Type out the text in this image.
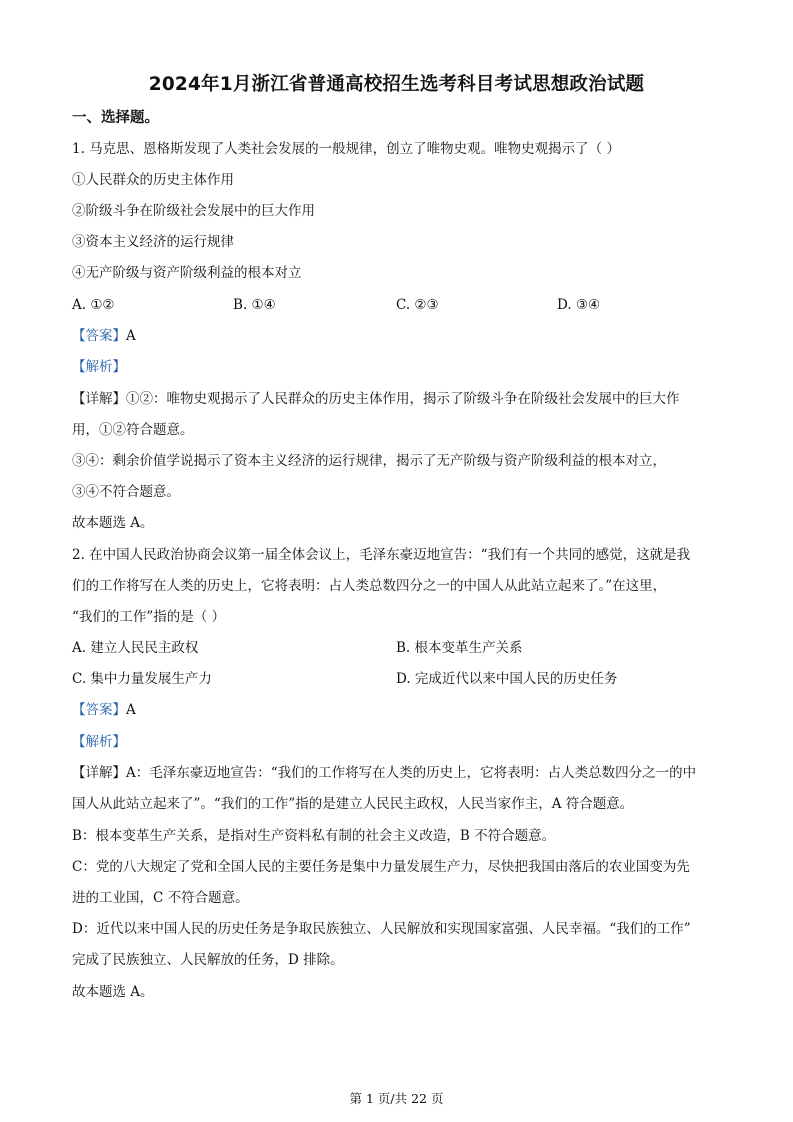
2024年1月浙江省普通高校招生选考科目考试思想政治试题
一、选择题。
1. 马克思、恩格斯发现了人类社会发展的一般规律，创立了唯物史观。唯物史观揭示了（ ）
①人民群众的历史主体作用
②阶级斗争在阶级社会发展中的巨大作用
③资本主义经济的运行规律
④无产阶级与资产阶级利益的根本对立
A. ①②	B. ①④	C. ②③	D. ③④
【答案】A
【解析】
【详解】①②：唯物史观揭示了人民群众的历史主体作用，揭示了阶级斗争在阶级社会发展中的巨大作
用，①②符合题意。
③④：剩余价值学说揭示了资本主义经济的运行规律，揭示了无产阶级与资产阶级利益的根本对立，
③④不符合题意。
故本题选 A。
2. 在中国人民政治协商会议第一届全体会议上，毛泽东豪迈地宣告：“我们有一个共同的感觉，这就是我
们的工作将写在人类的历史上，它将表明：占人类总数四分之一的中国人从此站立起来了。”在这里，
“我们的工作”指的是（ ）
A. 建立人民民主政权	B. 根本变革生产关系
C. 集中力量发展生产力	D. 完成近代以来中国人民的历史任务
【答案】A
【解析】
【详解】A：毛泽东豪迈地宣告：“我们的工作将写在人类的历史上，它将表明：占人类总数四分之一的中
国人从此站立起来了”。“我们的工作”指的是建立人民民主政权，人民当家作主，A 符合题意。
B：根本变革生产关系，是指对生产资料私有制的社会主义改造，B 不符合题意。
C：党的八大规定了党和全国人民的主要任务是集中力量发展生产力，尽快把我国由落后的农业国变为先
进的工业国，C 不符合题意。
D：近代以来中国人民的历史任务是争取民族独立、人民解放和实现国家富强、人民幸福。“我们的工作”
完成了民族独立、人民解放的任务，D 排除。
故本题选 A。
第 1 页/共 22 页
